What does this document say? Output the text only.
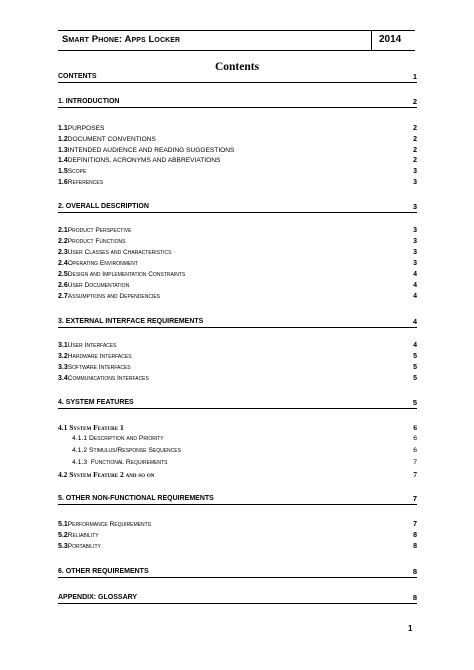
Smart Phone: Apps Locker	2014
Contents
CONTENTS	1
1. INTRODUCTION	2
1.1PURPOSES	2
1.2DOCUMENT CONVENTIONS	2
1.3INTENDED AUDIENCE AND READING SUGGESTIONS	2
1.4DEFINITIONS, ACRONYMS AND ABBREVIATIONS	2
1.5Scope	3
1.6References	3
2. OVERALL DESCRIPTION	3
2.1Product Perspective	3
2.2Product Functions	3
2.3User Classes and Characteristics	3
2.4Operating Environment	3
2.5Design and Implementation Constraints	4
2.6User Documentation	4
2.7Assumptions and Dependencies	4
3. EXTERNAL INTERFACE REQUIREMENTS	4
3.1User Interfaces	4
3.2Hardware Interfaces	5
3.3Software Interfaces	5
3.4Communications Interfaces	5
4. SYSTEM FEATURES	5
4.1 System Feature 1	6
4.1.1 Description and Priority	6
4.1.2 Stimulus/Response Sequences	6
4.1.3 Functional Requirements	7
4.2 System Feature 2 and so on	7
5. OTHER NON-FUNCTIONAL REQUIREMENTS	7
5.1Performance Requirements	7
5.2Reliability	8
5.3Portability	8
6. OTHER REQUIREMENTS	8
APPENDIX: GLOSSARY	8
1
